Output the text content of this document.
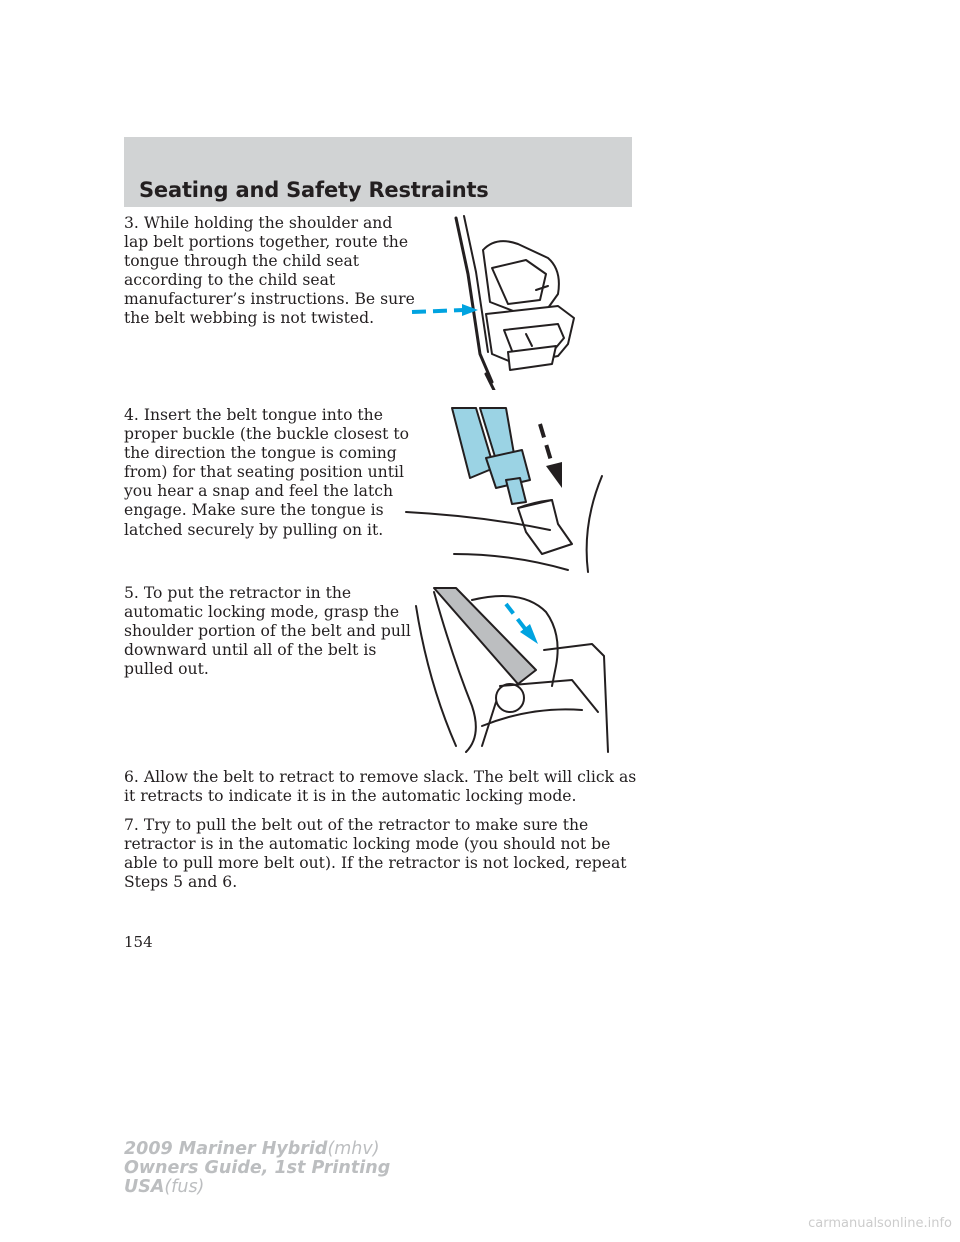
Seating and Safety Restraints

3. While holding the shoulder and
lap belt portions together, route the
tongue through the child seat
according to the child seat
manufacturer’s instructions. Be sure
the belt webbing is not twisted.

4. Insert the belt tongue into the
proper buckle (the buckle closest to
the direction the tongue is coming
from) for that seating position until
you hear a snap and feel the latch
engage. Make sure the tongue is
latched securely by pulling on it.

5. To put the retractor in the
automatic locking mode, grasp the
shoulder portion of the belt and pull
downward until all of the belt is
pulled out.

6. Allow the belt to retract to remove slack. The belt will click as it retracts to indicate it is in the automatic locking mode.

7. Try to pull the belt out of the retractor to make sure the retractor is in the automatic locking mode (you should not be able to pull more belt out). If the retractor is not locked, repeat Steps 5 and 6.

154
2009 Mariner Hybrid(mhv)
Owners Guide, 1st Printing
USA(fus)
carmanualsonline.info
